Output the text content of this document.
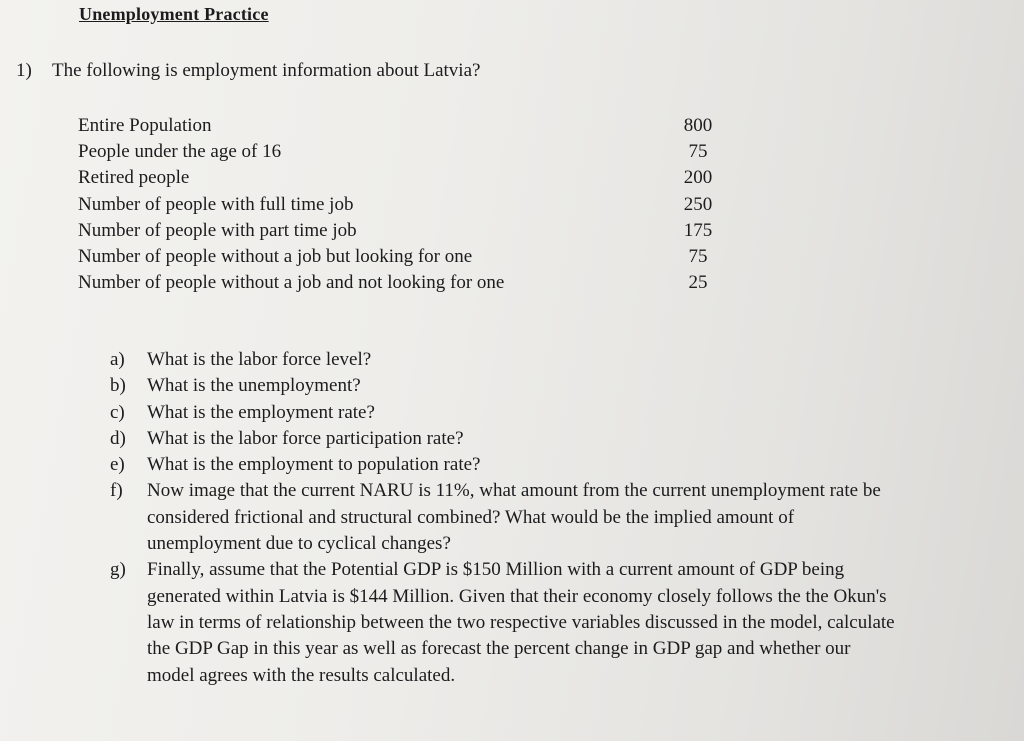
Unemployment Practice
1) The following is employment information about Latvia?
Entire Population	800
People under the age of 16	75
Retired people	200
Number of people with full time job	250
Number of people with part time job	175
Number of people without a job but looking for one	75
Number of people without a job and not looking for one	25
a) What is the labor force level?
b) What is the unemployment?
c) What is the employment rate?
d) What is the labor force participation rate?
e) What is the employment to population rate?
f) Now image that the current NARU is 11%, what amount from the current unemployment rate be considered frictional and structural combined? What would be the implied amount of unemployment due to cyclical changes?
g) Finally, assume that the Potential GDP is $150 Million with a current amount of GDP being generated within Latvia is $144 Million. Given that their economy closely follows the the Okun's law in terms of relationship between the two respective variables discussed in the model, calculate the GDP Gap in this year as well as forecast the percent change in GDP gap and whether our model agrees with the results calculated.
